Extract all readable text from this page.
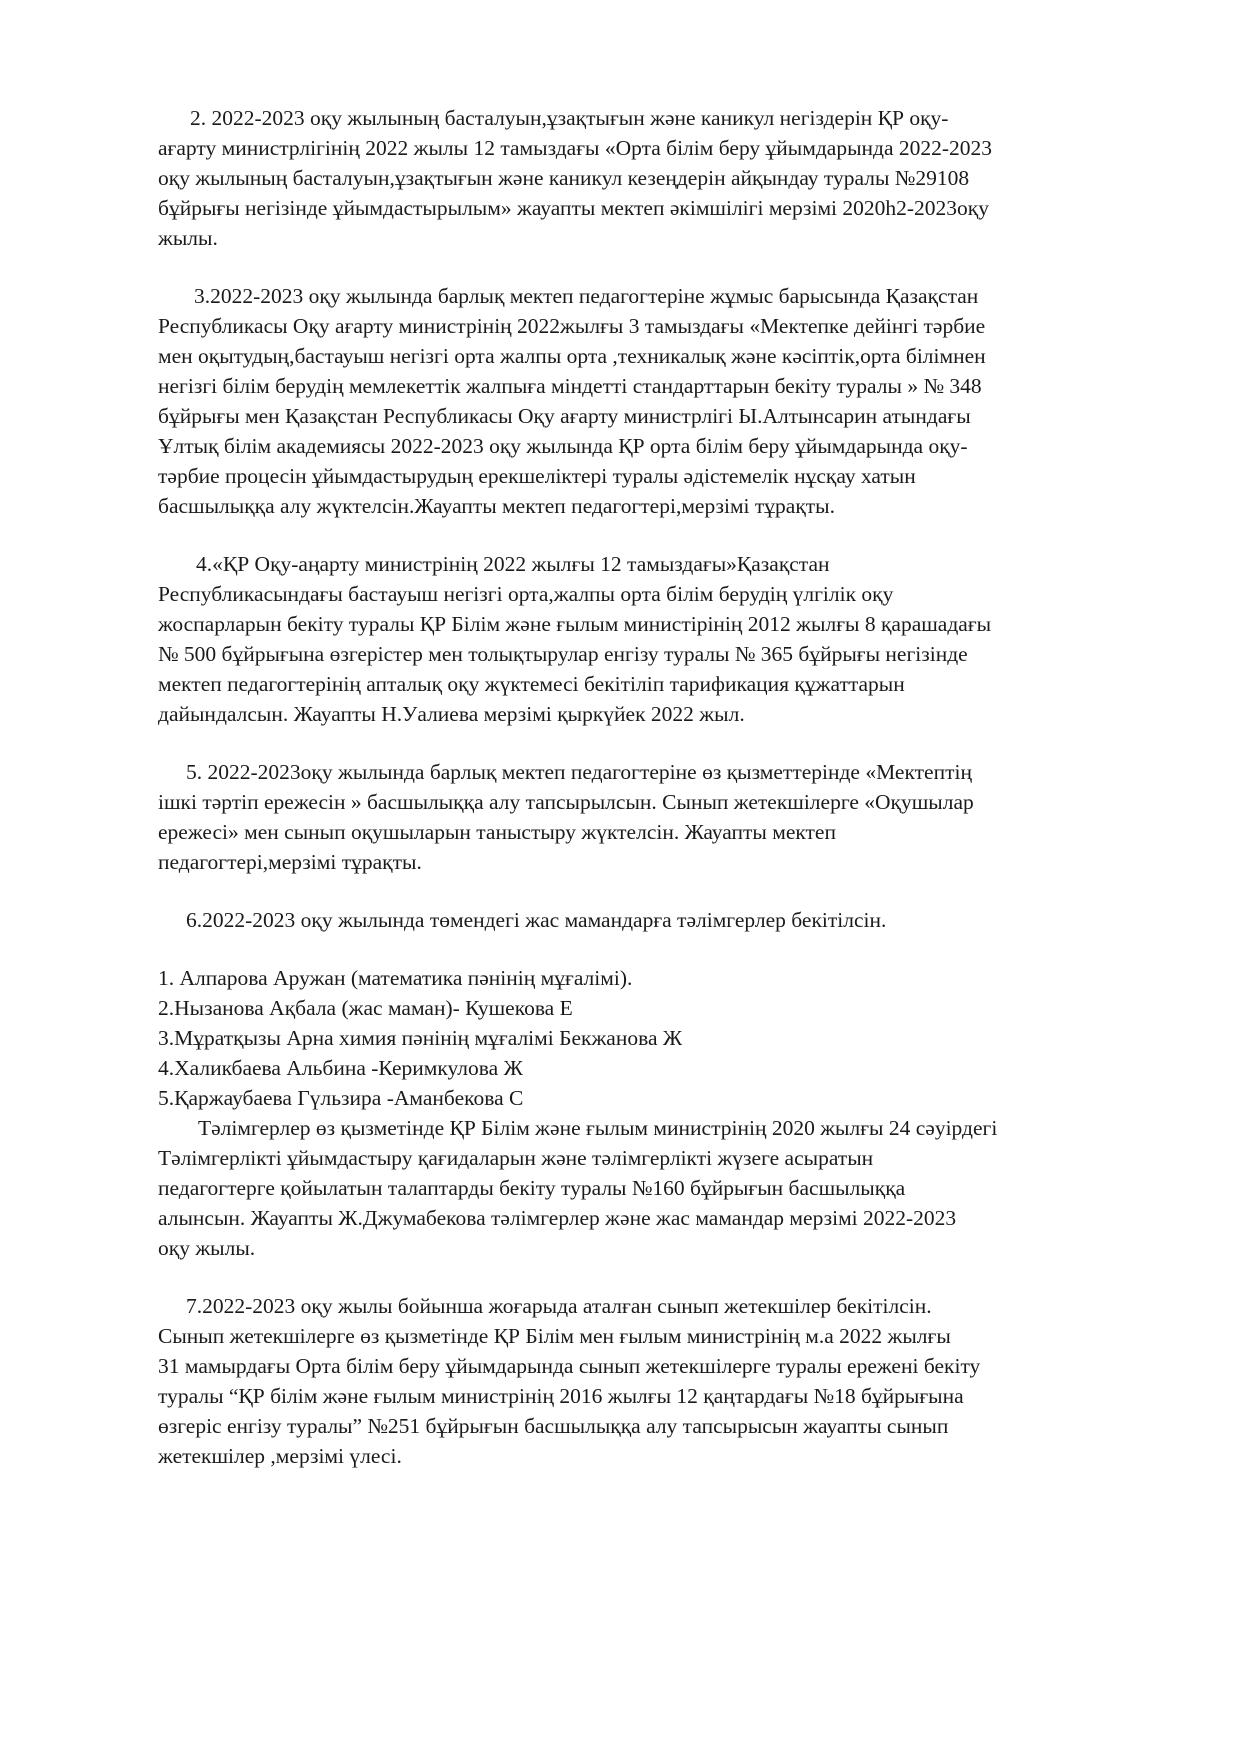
2. 2022-2023 оқу жылының басталуын,ұзақтығын және каникул негіздерін ҚР оқу-
ағарту министрлігінің 2022 жылы 12 тамыздағы «Орта білім беру ұйымдарында 2022-2023
оқу жылының басталуын,ұзақтығын және каникул кезеңдерін айқындау туралы №29108
бұйрығы негізінде ұйымдастырылым» жауапты мектеп әкімшілігі мерзімі 2020h2-2023оқу
жылы.
3.2022-2023 оқу жылында барлық мектеп педагогтеріне жұмыс барысында Қазақстан
Республикасы Оқу ағарту министрінің 2022жылғы 3 тамыздағы «Мектепке дейінгі тәрбие
мен оқытудың,бастауыш негізгі орта жалпы орта ,техникалық және кәсіптік,орта білімнен
негізгі білім берудің мемлекеттік жалпыға міндетті стандарттарын бекіту туралы » № 348
бұйрығы мен Қазақстан Республикасы Оқу ағарту министрлігі Ы.Алтынсарин атындағы
Ұлтық білім академиясы 2022-2023 оқу жылында ҚР орта білім беру ұйымдарында оқу-
тәрбие процесін ұйымдастырудың ерекшеліктері туралы әдістемелік нұсқау хатын
басшылыққа алу жүктелсін.Жауапты мектеп педагогтері,мерзімі тұрақты.
4.«ҚР Оқу-аңарту министрінің 2022 жылғы 12 тамыздағы»Қазақстан
Республикасындағы бастауыш негізгі орта,жалпы орта білім берудің үлгілік оқу
жоспарларын бекіту туралы ҚР Білім және ғылым министірінің 2012 жылғы 8 қарашадағы
№ 500 бұйрығына өзгерістер мен толықтырулар енгізу туралы № 365 бұйрығы негізінде
мектеп педагогтерінің апталық оқу жүктемесі бекітіліп тарификация құжаттарын
дайындалсын. Жауапты Н.Уалиева мерзімі қыркүйек 2022 жыл.
5. 2022-2023оқу жылында барлық мектеп педагогтеріне өз қызметтерінде «Мектептің
ішкі тәртіп ережесін » басшылыққа алу тапсырылсын. Сынып жетекшілерге «Оқушылар
ережесі» мен сынып оқушыларын таныстыру жүктелсін. Жауапты мектеп
педагогтері,мерзімі тұрақты.
6.2022-2023 оқу жылында төмендегі жас мамандарға тәлімгерлер бекітілсін.
1. Алпарова Аружан (математика пәнінің мұғалімі).
2.Нызанова Ақбала (жас маман)- Кушекова Е
3.Мұратқызы Арна химия пәнінің мұғалімі Бекжанова Ж
4.Халикбаева Альбина -Керимкулова Ж
5.Қаржаубаева Гүльзира -Аманбекова С
Тәлімгерлер өз қызметінде ҚР Білім және ғылым министрінің 2020 жылғы 24 сәуірдегі
Тәлімгерлікті ұйымдастыру қағидаларын және тәлімгерлікті жүзеге асыратын
педагогтерге қойылатын талаптарды бекіту туралы №160 бұйрығын басшылыққа
алынсын. Жауапты Ж.Джумабекова тәлімгерлер және жас мамандар мерзімі 2022-2023
оқу жылы.
7.2022-2023 оқу жылы бойынша жоғарыда аталған сынып жетекшілер бекітілсін.
Сынып жетекшілерге өз қызметінде ҚР Білім мен ғылым министрінің м.а 2022 жылғы
31 мамырдағы Орта білім беру ұйымдарында сынып жетекшілерге туралы ережені бекіту
туралы “ҚР білім және ғылым министрінің 2016 жылғы 12 қаңтардағы №18 бұйрығына
өзгеріс енгізу туралы” №251 бұйрығын басшылыққа алу тапсырысын жауапты сынып
жетекшілер ,мерзімі үлесі.
